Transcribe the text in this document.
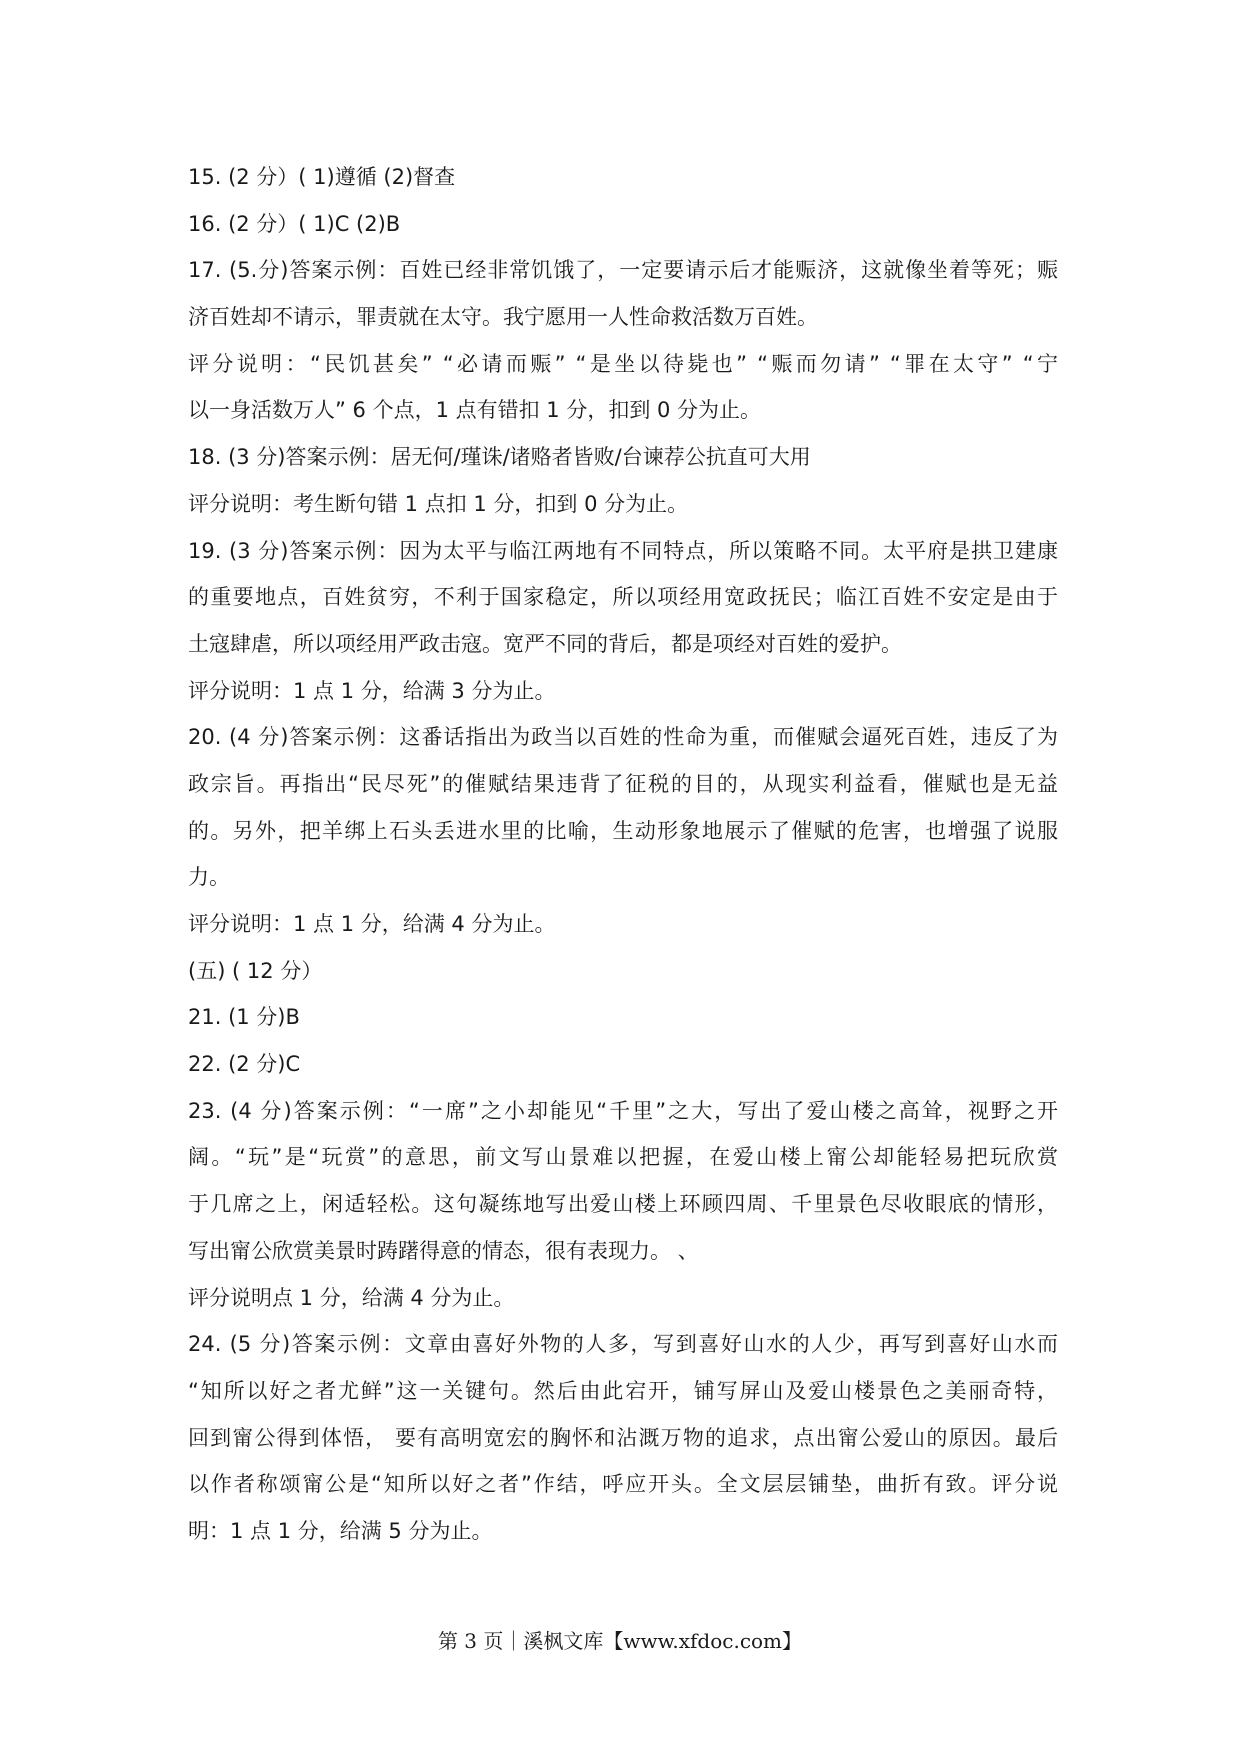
15. (2 分）( 1)遵循 (2)督查
16. (2 分）( 1)C (2)B
17. (5.分)答案示例：百姓已经非常饥饿了，一定要请示后才能赈济，这就像坐着等死；赈
济百姓却不请示，罪责就在太守。我宁愿用一人性命救活数万百姓。
评分说明：“民饥甚矣” “必请而赈” “是坐以待毙也” “赈而勿请” “罪在太守” “宁
以一身活数万人” 6 个点，1 点有错扣 1 分，扣到 0 分为止。
18. (3 分)答案示例：居无何/瑾诛/诸赂者皆败/台谏荐公抗直可大用
评分说明：考生断句错 1 点扣 1 分，扣到 0 分为止。
19. (3 分)答案示例：因为太平与临江两地有不同特点，所以策略不同。太平府是拱卫建康
的重要地点，百姓贫穷，不利于国家稳定，所以项经用宽政抚民；临江百姓不安定是由于
土寇肆虐，所以项经用严政击寇。宽严不同的背后，都是项经对百姓的爱护。
评分说明：1 点 1 分，给满 3 分为止。
20. (4 分)答案示例：这番话指出为政当以百姓的性命为重，而催赋会逼死百姓，违反了为
政宗旨。再指出“民尽死”的催赋结果违背了征税的目的，从现实利益看，催赋也是无益
的。另外，把羊绑上石头丢进水里的比喻，生动形象地展示了催赋的危害，也增强了说服
力。
评分说明：1 点 1 分，给满 4 分为止。
(五) ( 12 分）
21. (1 分)B
22. (2 分)C
23. (4 分)答案示例：“一席”之小却能见“千里”之大，写出了爱山楼之高耸，视野之开
阔。“玩”是“玩赏”的意思，前文写山景难以把握，在爱山楼上甯公却能轻易把玩欣赏
于几席之上，闲适轻松。这句凝练地写出爱山楼上环顾四周、千里景色尽收眼底的情形，
写出甯公欣赏美景时踌躇得意的情态，很有表现力。 、
评分说明点 1 分，给满 4 分为止。
24. (5 分)答案示例：文章由喜好外物的人多，写到喜好山水的人少，再写到喜好山水而
“知所以好之者尤鲜”这一关键句。然后由此宕开，铺写屏山及爱山楼景色之美丽奇特，
回到甯公得到体悟， 要有高明宽宏的胸怀和沾溉万物的追求，点出甯公爱山的原因。最后
以作者称颂甯公是“知所以好之者”作结，呼应开头。全文层层铺垫，曲折有致。评分说
明：1 点 1 分，给满 5 分为止。
第 3 页｜溪枫文库【www.xfdoc.com】
